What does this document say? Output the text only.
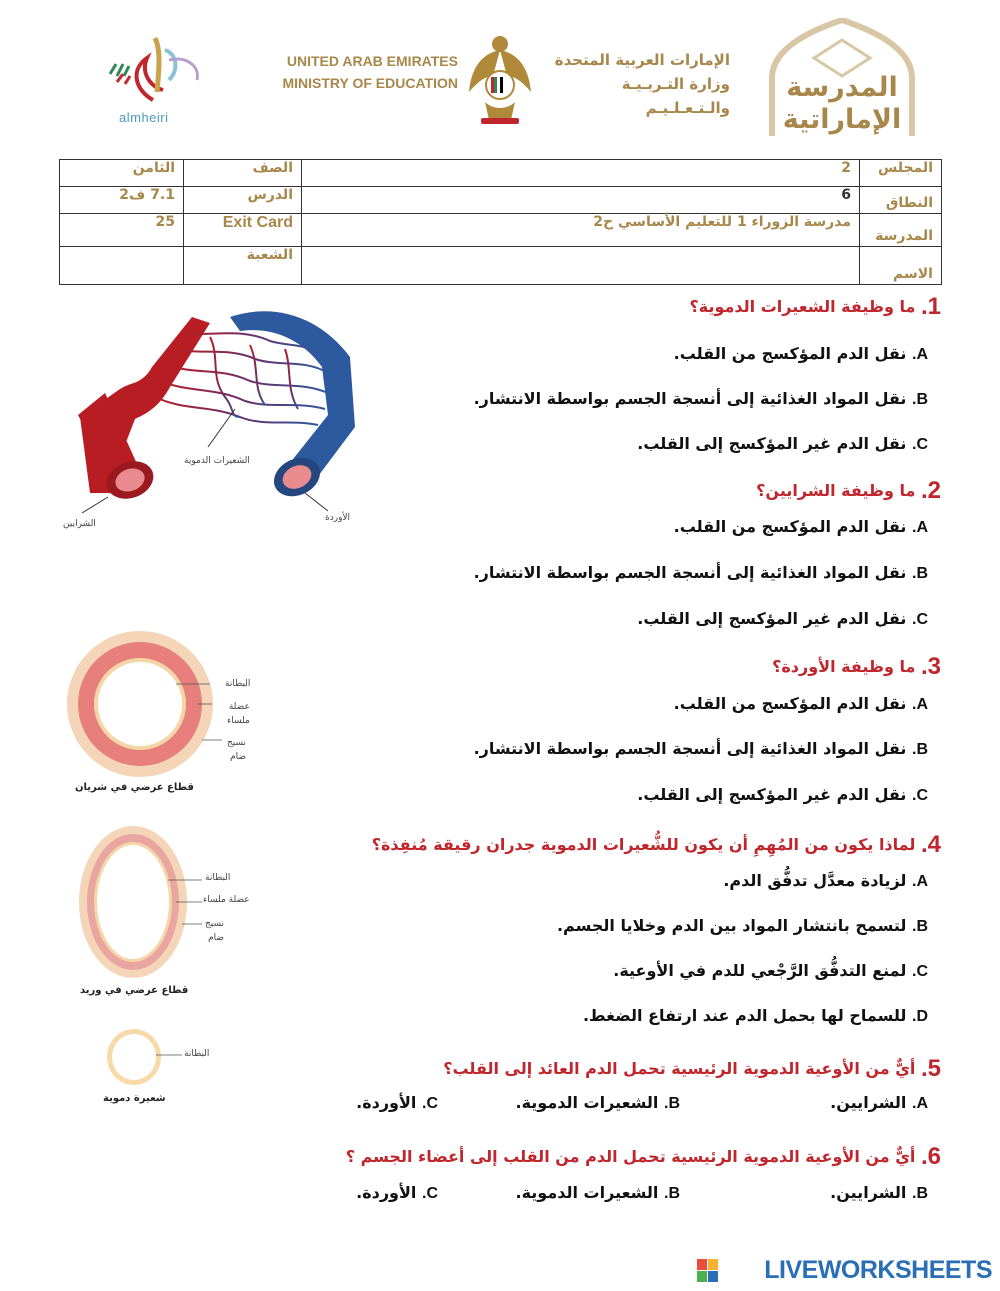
almheiri
UNITED ARAB EMIRATES
MINISTRY OF EDUCATION
الإمارات العربية المتحدة
وزارة التـربـيـة والـتـعـلـيـم
المدرسة
الإماراتية
المجلس	2	الصف	الثامن
النطاق	6	الدرس	7.1 ف2
المدرسة	مدرسة الزوراء 1 للتعليم الأساسي ح2	Exit Card	25
الاسم		الشعبة	
الشعيرات الدموية
الشرايين
الأوردة
البطانة
عضلة
ملساء
نسيج
ضام
قطاع عرضي في شريان
البطانة
عضلة ملساء
نسيج
ضام
قطاع عرضي في وريد
البطانة
شعيرة دموية
1. ما وظيفة الشعيرات الدموية؟
A. نقل الدم المؤكسج من القلب.
B. نقل المواد الغذائية إلى أنسجة الجسم بواسطة الانتشار.
C. نقل الدم غير المؤكسج إلى القلب.
2. ما وظيفة الشرايين؟
A. نقل الدم المؤكسج من القلب.
B. نقل المواد الغذائية إلى أنسجة الجسم بواسطة الانتشار.
C. نقل الدم غير المؤكسج إلى القلب.
3. ما وظيفة الأوردة؟
A. نقل الدم المؤكسج من القلب.
B. نقل المواد الغذائية إلى أنسجة الجسم بواسطة الانتشار.
C. نقل الدم غير المؤكسج إلى القلب.
4. لماذا يكون من المُهِمِ أن يكون للشُّعيرات الدموية جدران رقيقة مُنفِذة؟
A. لزيادة معدَّل تدفُّق الدم.
B. لتسمح بانتشار المواد بين الدم وخلايا الجسم.
C. لمنع التدفُّق الرَّجْعي للدم في الأوعية.
D. للسماح لها بحمل الدم عند ارتفاع الضغط.
5. أيٌّ من الأوعية الدموية الرئيسية تحمل الدم العائد إلى القلب؟
A. الشرايين.
B. الشعيرات الدموية.
C. الأوردة.
6. أيٌّ من الأوعية الدموية الرئيسية تحمل الدم من القلب إلى أعضاء الجسم ؟
B. الشرايين.
B. الشعيرات الدموية.
C. الأوردة.
LIVEWORKSHEETS
